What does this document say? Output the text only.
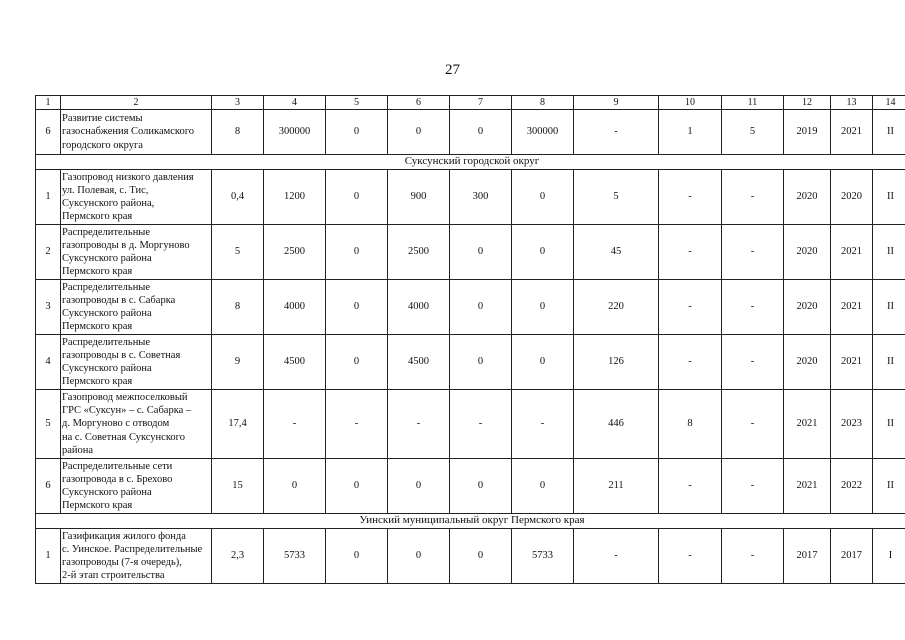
27
1	2	3	4	5	6	7	8	9	10	11	12	13	14
6	Развитие системы
газоснабжения Соликамского
городского округа	8	300000	0	0	0	300000	-	1	5	2019	2021	II
Суксунский городской округ													
1	Газопровод низкого давления
ул. Полевая, с. Тис,
Суксунского района,
Пермского края	0,4	1200	0	900	300	0	5	-	-	2020	2020	II
2	Распределительные
газопроводы в д. Моргуново
Суксунского района
Пермского края	5	2500	0	2500	0	0	45	-	-	2020	2021	II
3	Распределительные
газопроводы в с. Сабарка
Суксунского района
Пермского края	8	4000	0	4000	0	0	220	-	-	2020	2021	II
4	Распределительные
газопроводы в с. Советная
Суксунского района
Пермского края	9	4500	0	4500	0	0	126	-	-	2020	2021	II
5	Газопровод межпоселковый
ГРС «Суксун» – с. Сабарка –
д. Моргуново с отводом
на с. Советная Суксунского
района	17,4	-	-	-	-	-	446	8	-	2021	2023	II
6	Распределительные сети
газопровода в с. Брехово
Суксунского района
Пермского края	15	0	0	0	0	0	211	-	-	2021	2022	II
Уинский муниципальный округ Пермского края													
1	Газификация жилого фонда
с. Уинское. Распределительные
газопроводы (7-я очередь),
2-й этап строительства	2,3	5733	0	0	0	5733	-	-	-	2017	2017	I
